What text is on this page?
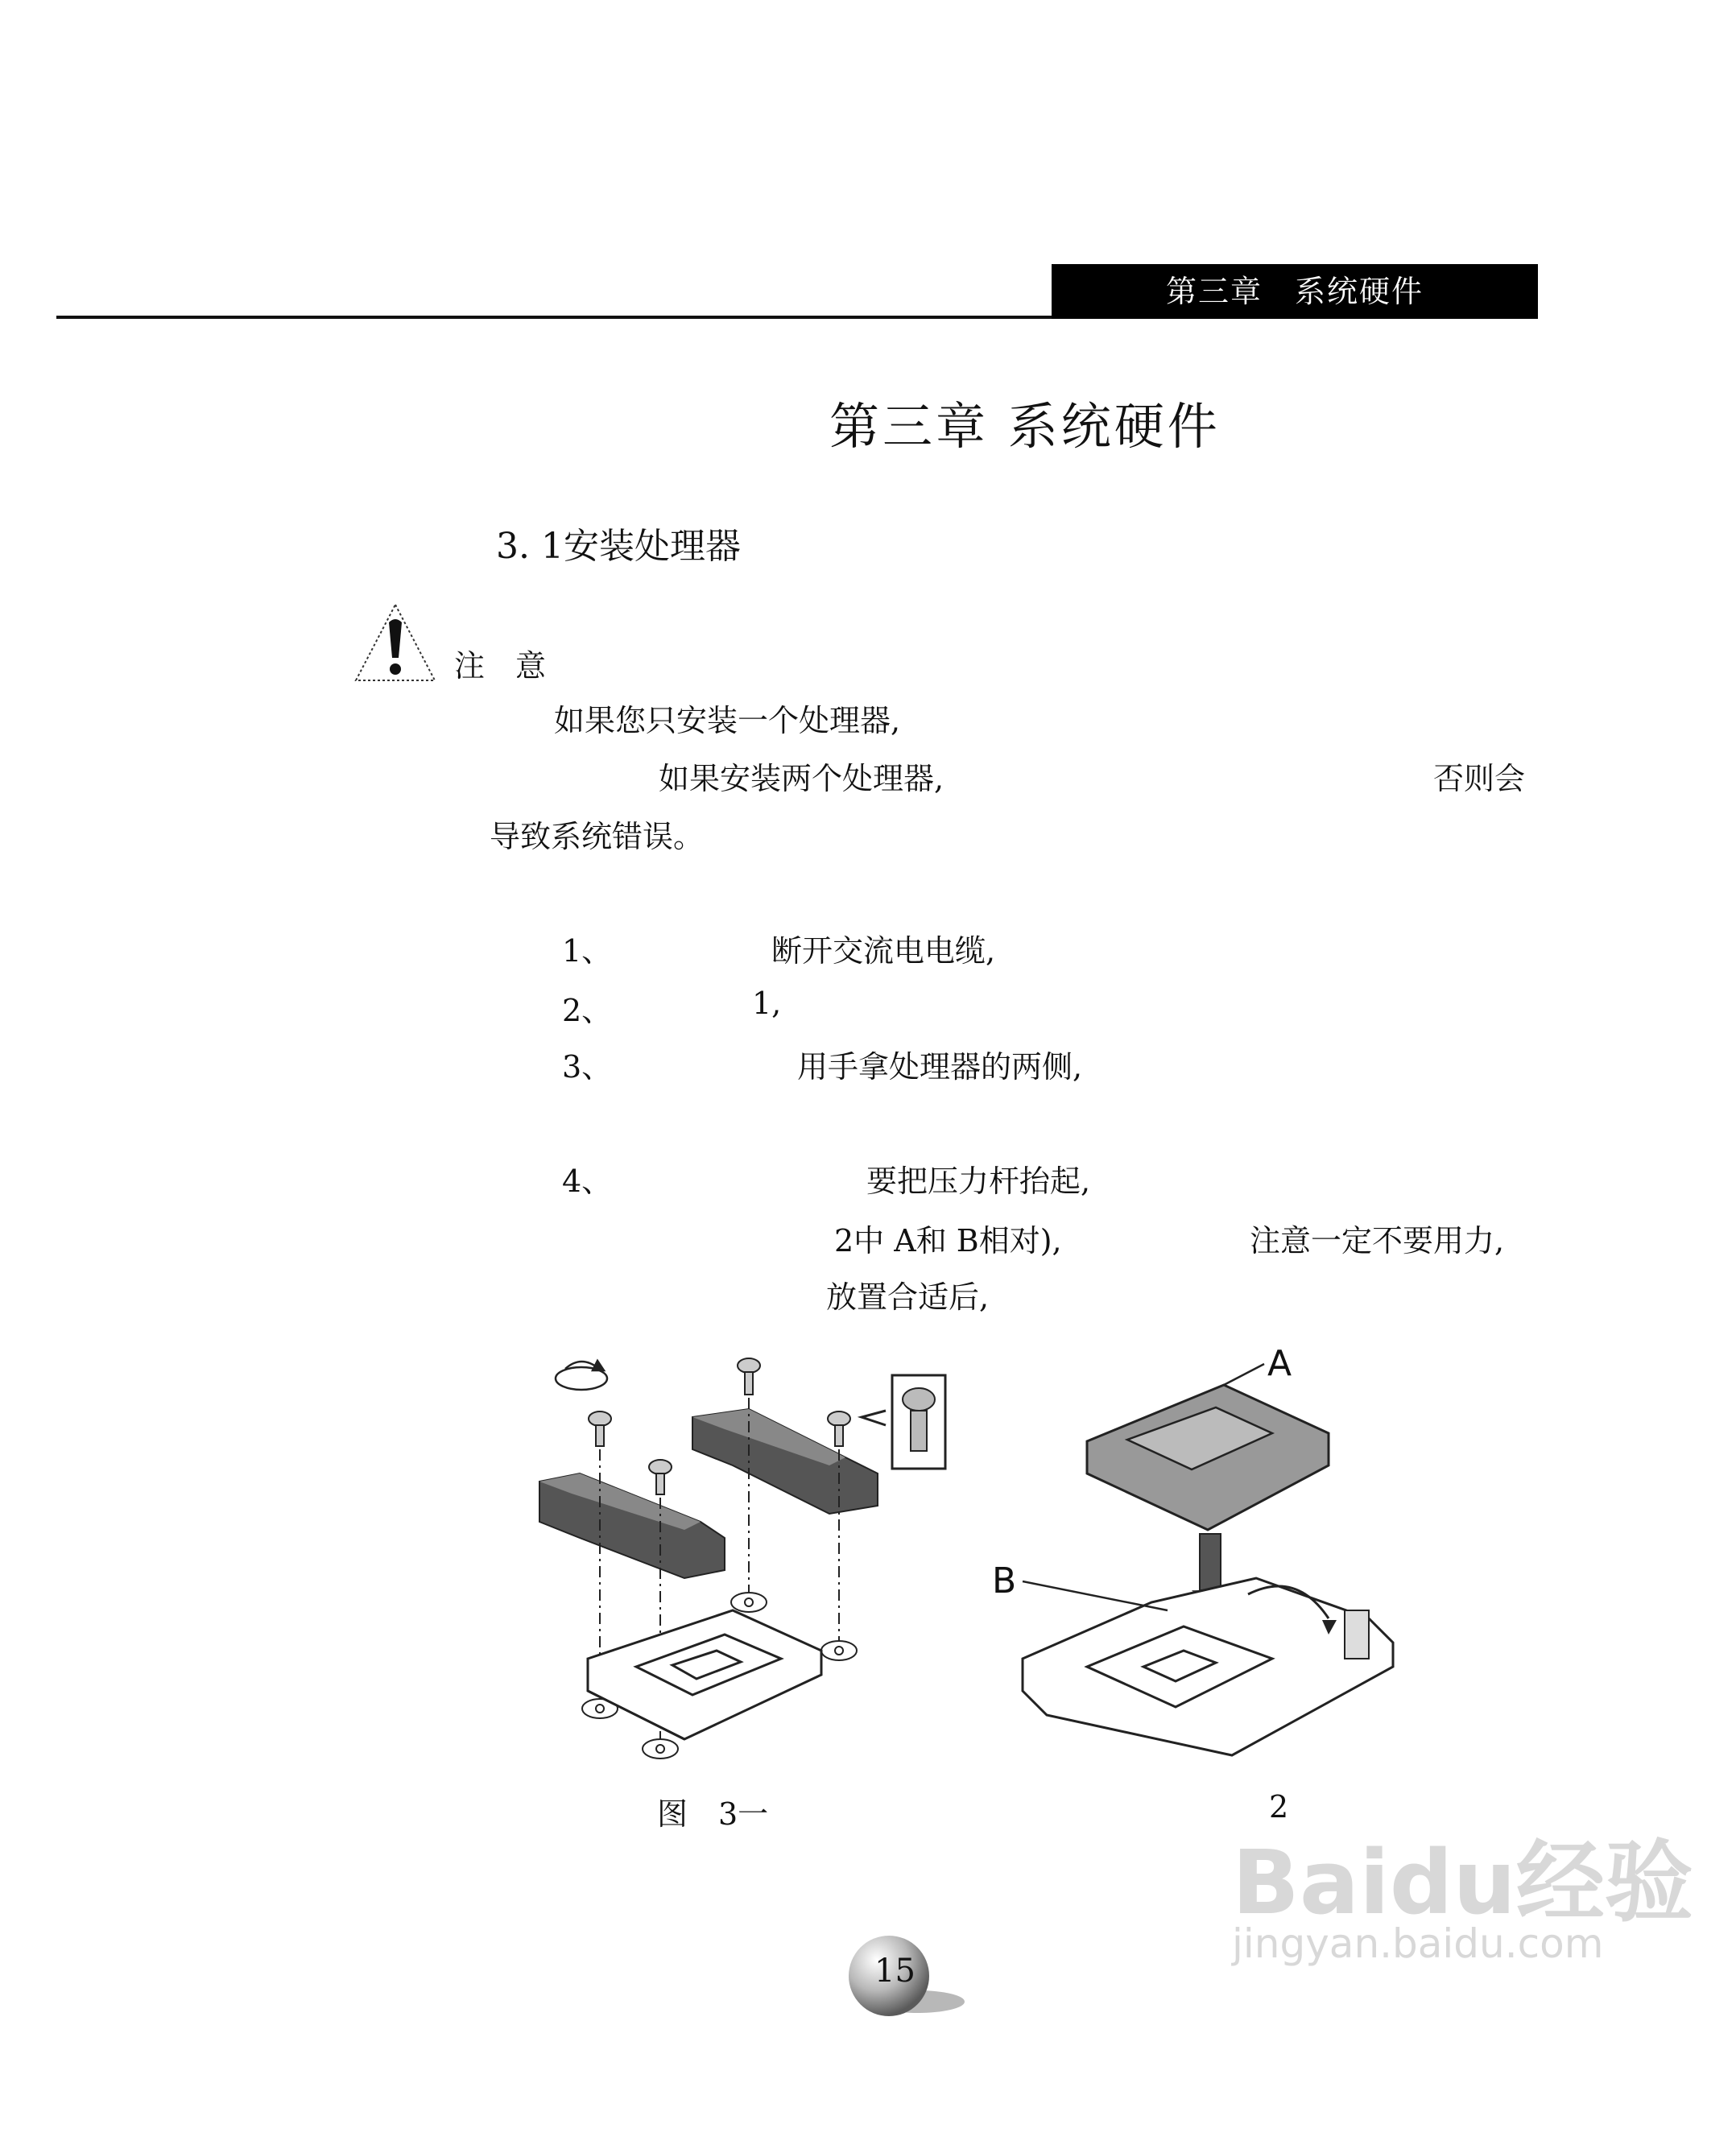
第三章　系统硬件
第三章 系统硬件
3. 1安装处理器
注　意
如果您只安装一个处理器,
如果安装两个处理器,	否则会
导致系统错误。
1、	断开交流电电缆,
2、	1,
3、	用手拿处理器的两侧,
4、	要把压力杆抬起,
2中 A和 B相对),	注意一定不要用力,
放置合适后,
A
B
图　3一	2
15
Baidu经验
jingyan.baidu.com
